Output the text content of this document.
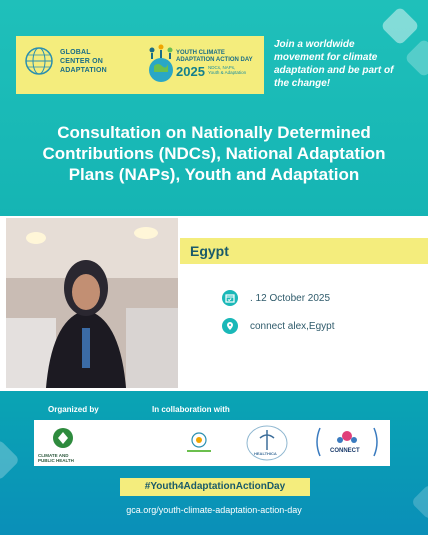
GLOBAL
CENTER ON
ADAPTATION
YOUTH CLIMATE
ADAPTATION ACTION DAY
2025 NDCs, NAPs,
Youth & Adaptation
Join a worldwide movement for climate adaptation and be part of the change!
Consultation on Nationally Determined Contributions (NDCs), National Adaptation Plans (NAPs), Youth and Adaptation
Egypt
. 12 October 2025
connect alex,Egypt
Organized by	In collaboration with
CLIMATE AND
PUBLIC HEALTH
HEALTHICA	CONNECT
#Youth4AdaptationActionDay
gca.org/youth-climate-adaptation-action-day
